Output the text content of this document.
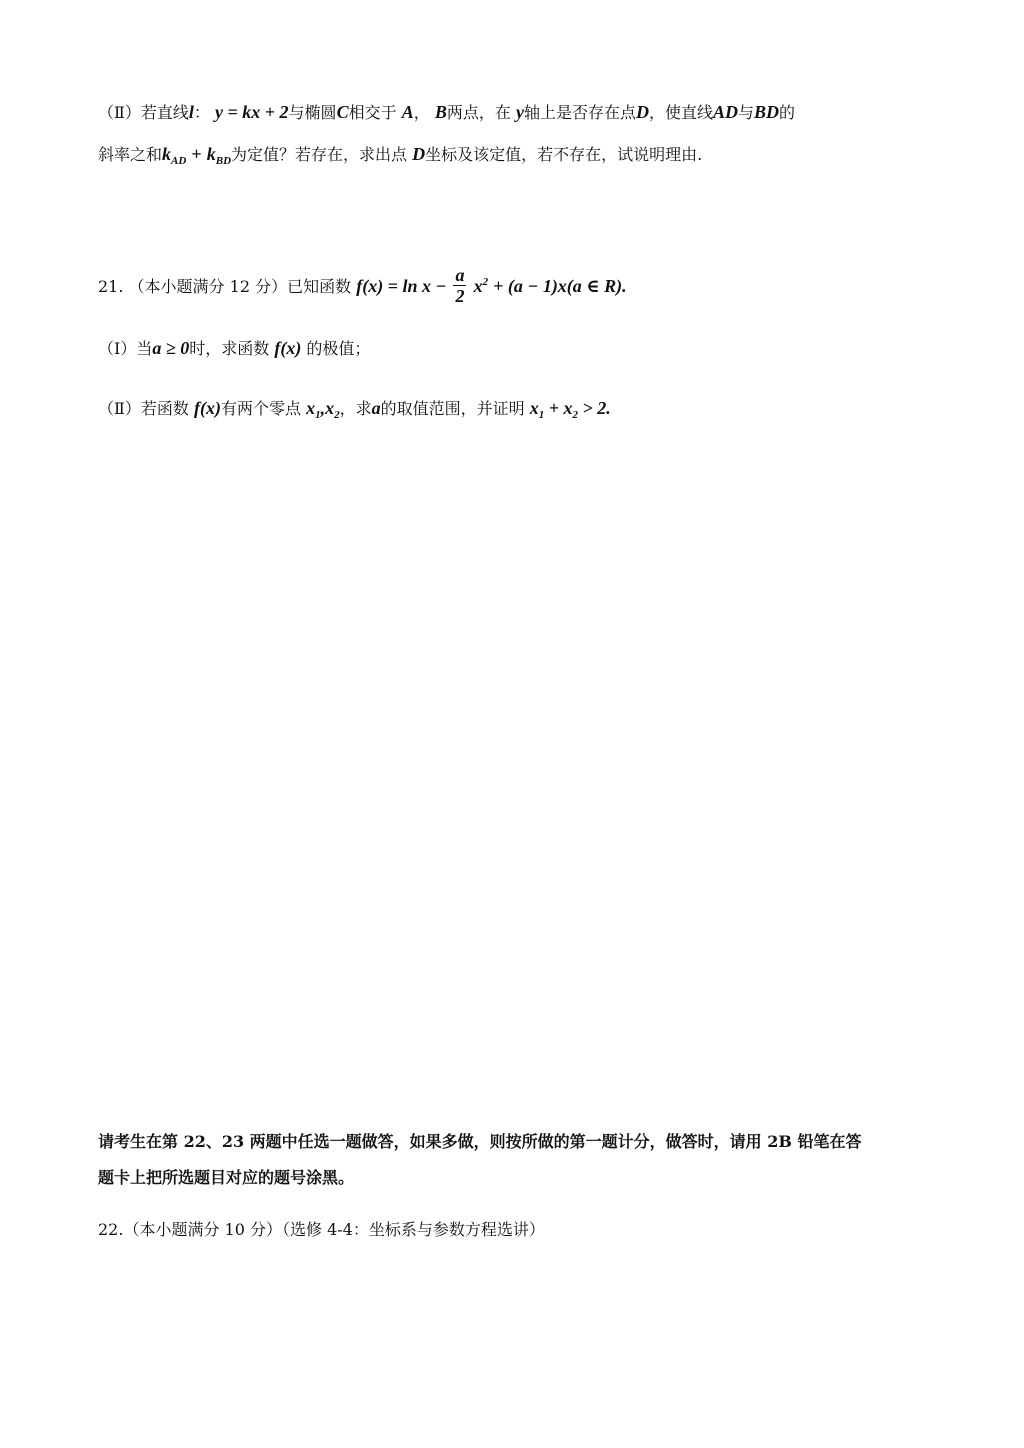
（Ⅱ）若直线l： y = kx + 2与椭圆C相交于 A， B两点，在 y轴上是否存在点D，使直线AD与BD的
斜率之和$k_{AD} + k_{BD}$为定值？若存在，求出点 D坐标及该定值，若不存在，试说明理由.
21. （本小题满分 12 分）已知函数 $f(x) = \ln x - \frac{a}{2} x^2 + (a - 1)x(a$ ∈ R).
（Ⅰ）当a ≥ 0时，求函数 f(x) 的极值；
（Ⅱ）若函数 f(x)有两个零点 $x_1,x_2$，求a的取值范围，并证明 $x_1 + x_2 > 2$.
请考生在第 22、23 两题中任选一题做答，如果多做，则按所做的第一题计分，做答时，请用 2B 铅笔在答
题卡上把所选题目对应的题号涂黑。
22.（本小题满分 10 分）（选修 4-4：坐标系与参数方程选讲）
